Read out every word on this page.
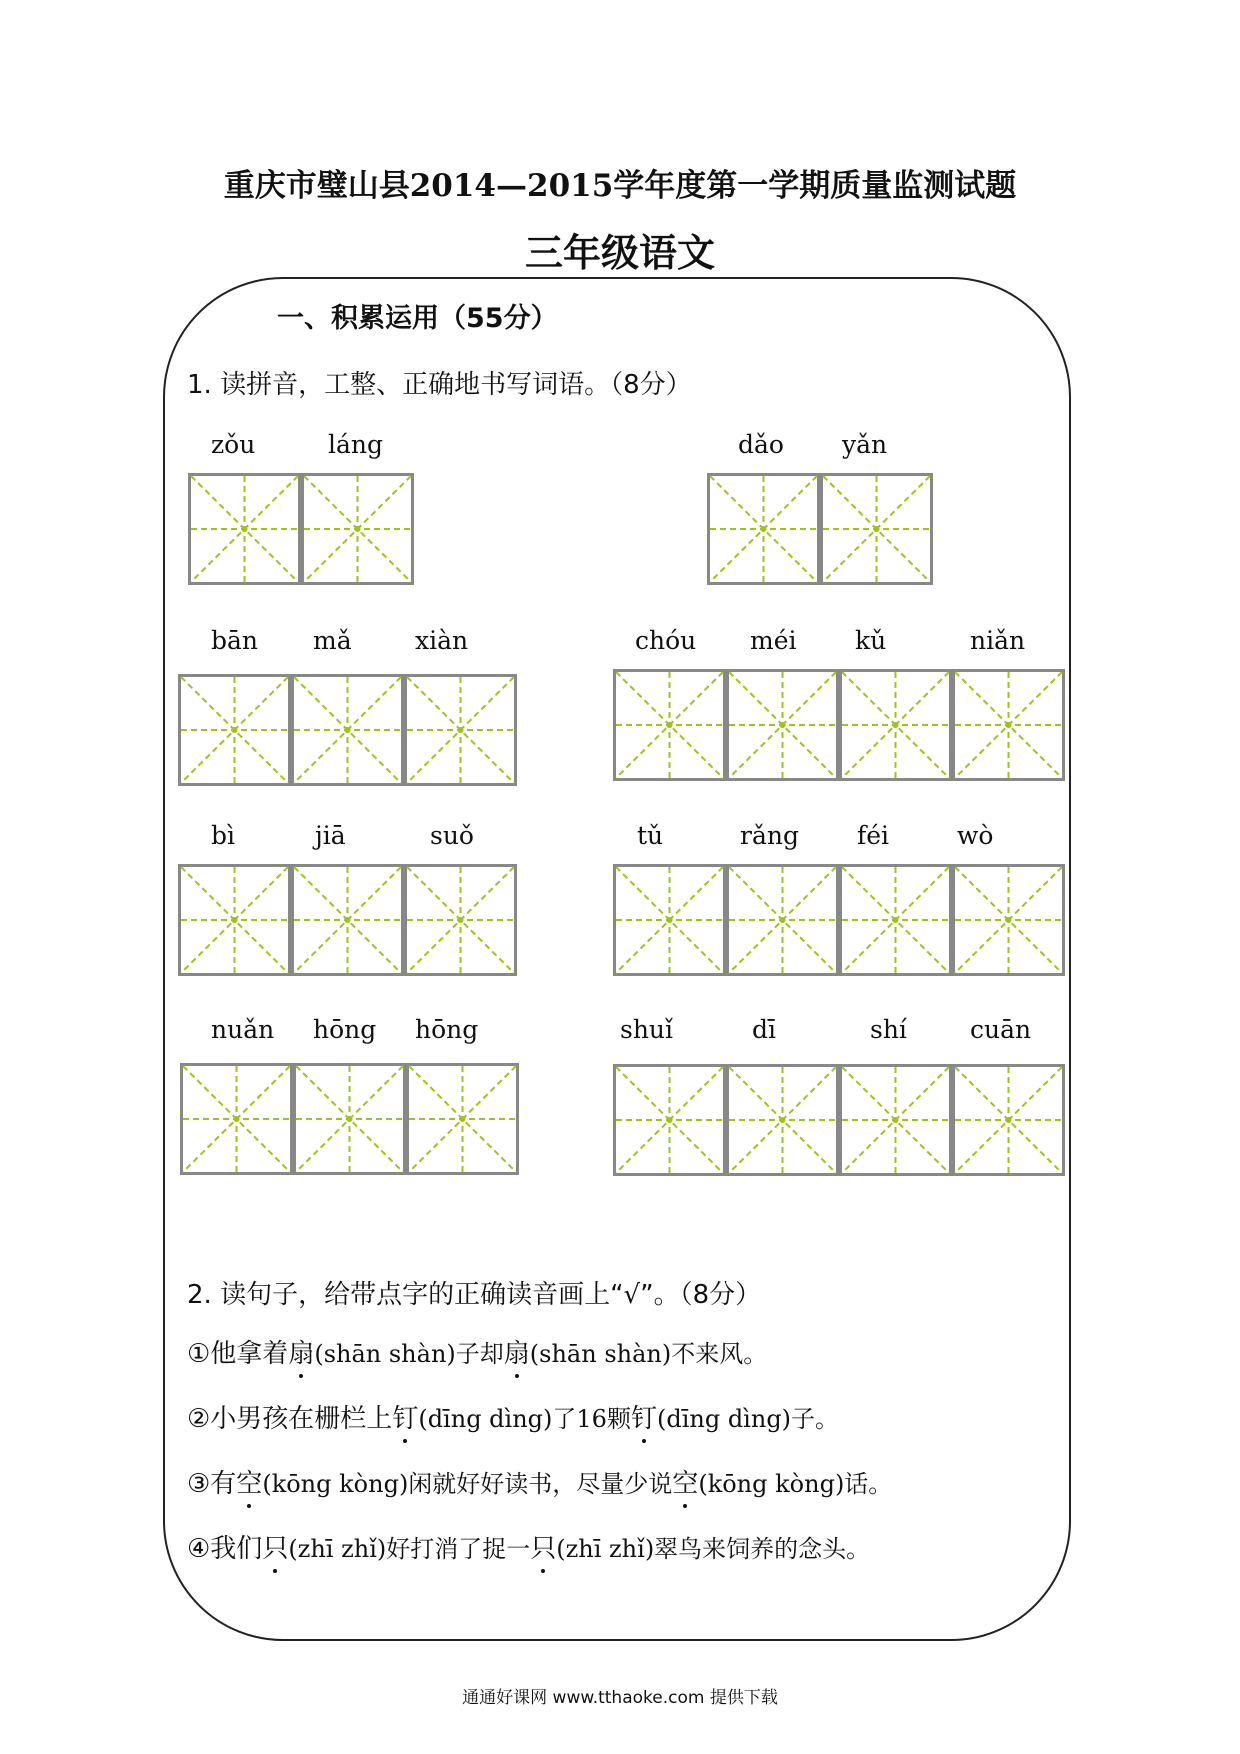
重庆市璧山县2014—2015学年度第一学期质量监测试题
三年级语文
一、积累运用（55分）
1. 读拼音，工整、正确地书写词语。（8分）
zǒu	láng	dǎo yǎn
bān mǎ	xiàn	chóu méi kǔ	niǎn
bì	jiā	suǒ	tǔ	rǎng féi	wò
nuǎn hōng hōng	shuǐ	dī	shí	cuān
2. 读句子，给带点字的正确读音画上“√”。（8分）
①他拿着扇(shān shàn)子却扇(shān shàn)不来风。
②小男孩在栅栏上钉(dīng dìng)了16颗钉(dīng dìng)子。
③有空(kōng kòng)闲就好好读书，尽量少说空(kōng kòng)话。
④我们只(zhī zhǐ)好打消了捉一只(zhī zhǐ)翠鸟来饲养的念头。
通通好课网 www.tthaoke.com 提供下载
